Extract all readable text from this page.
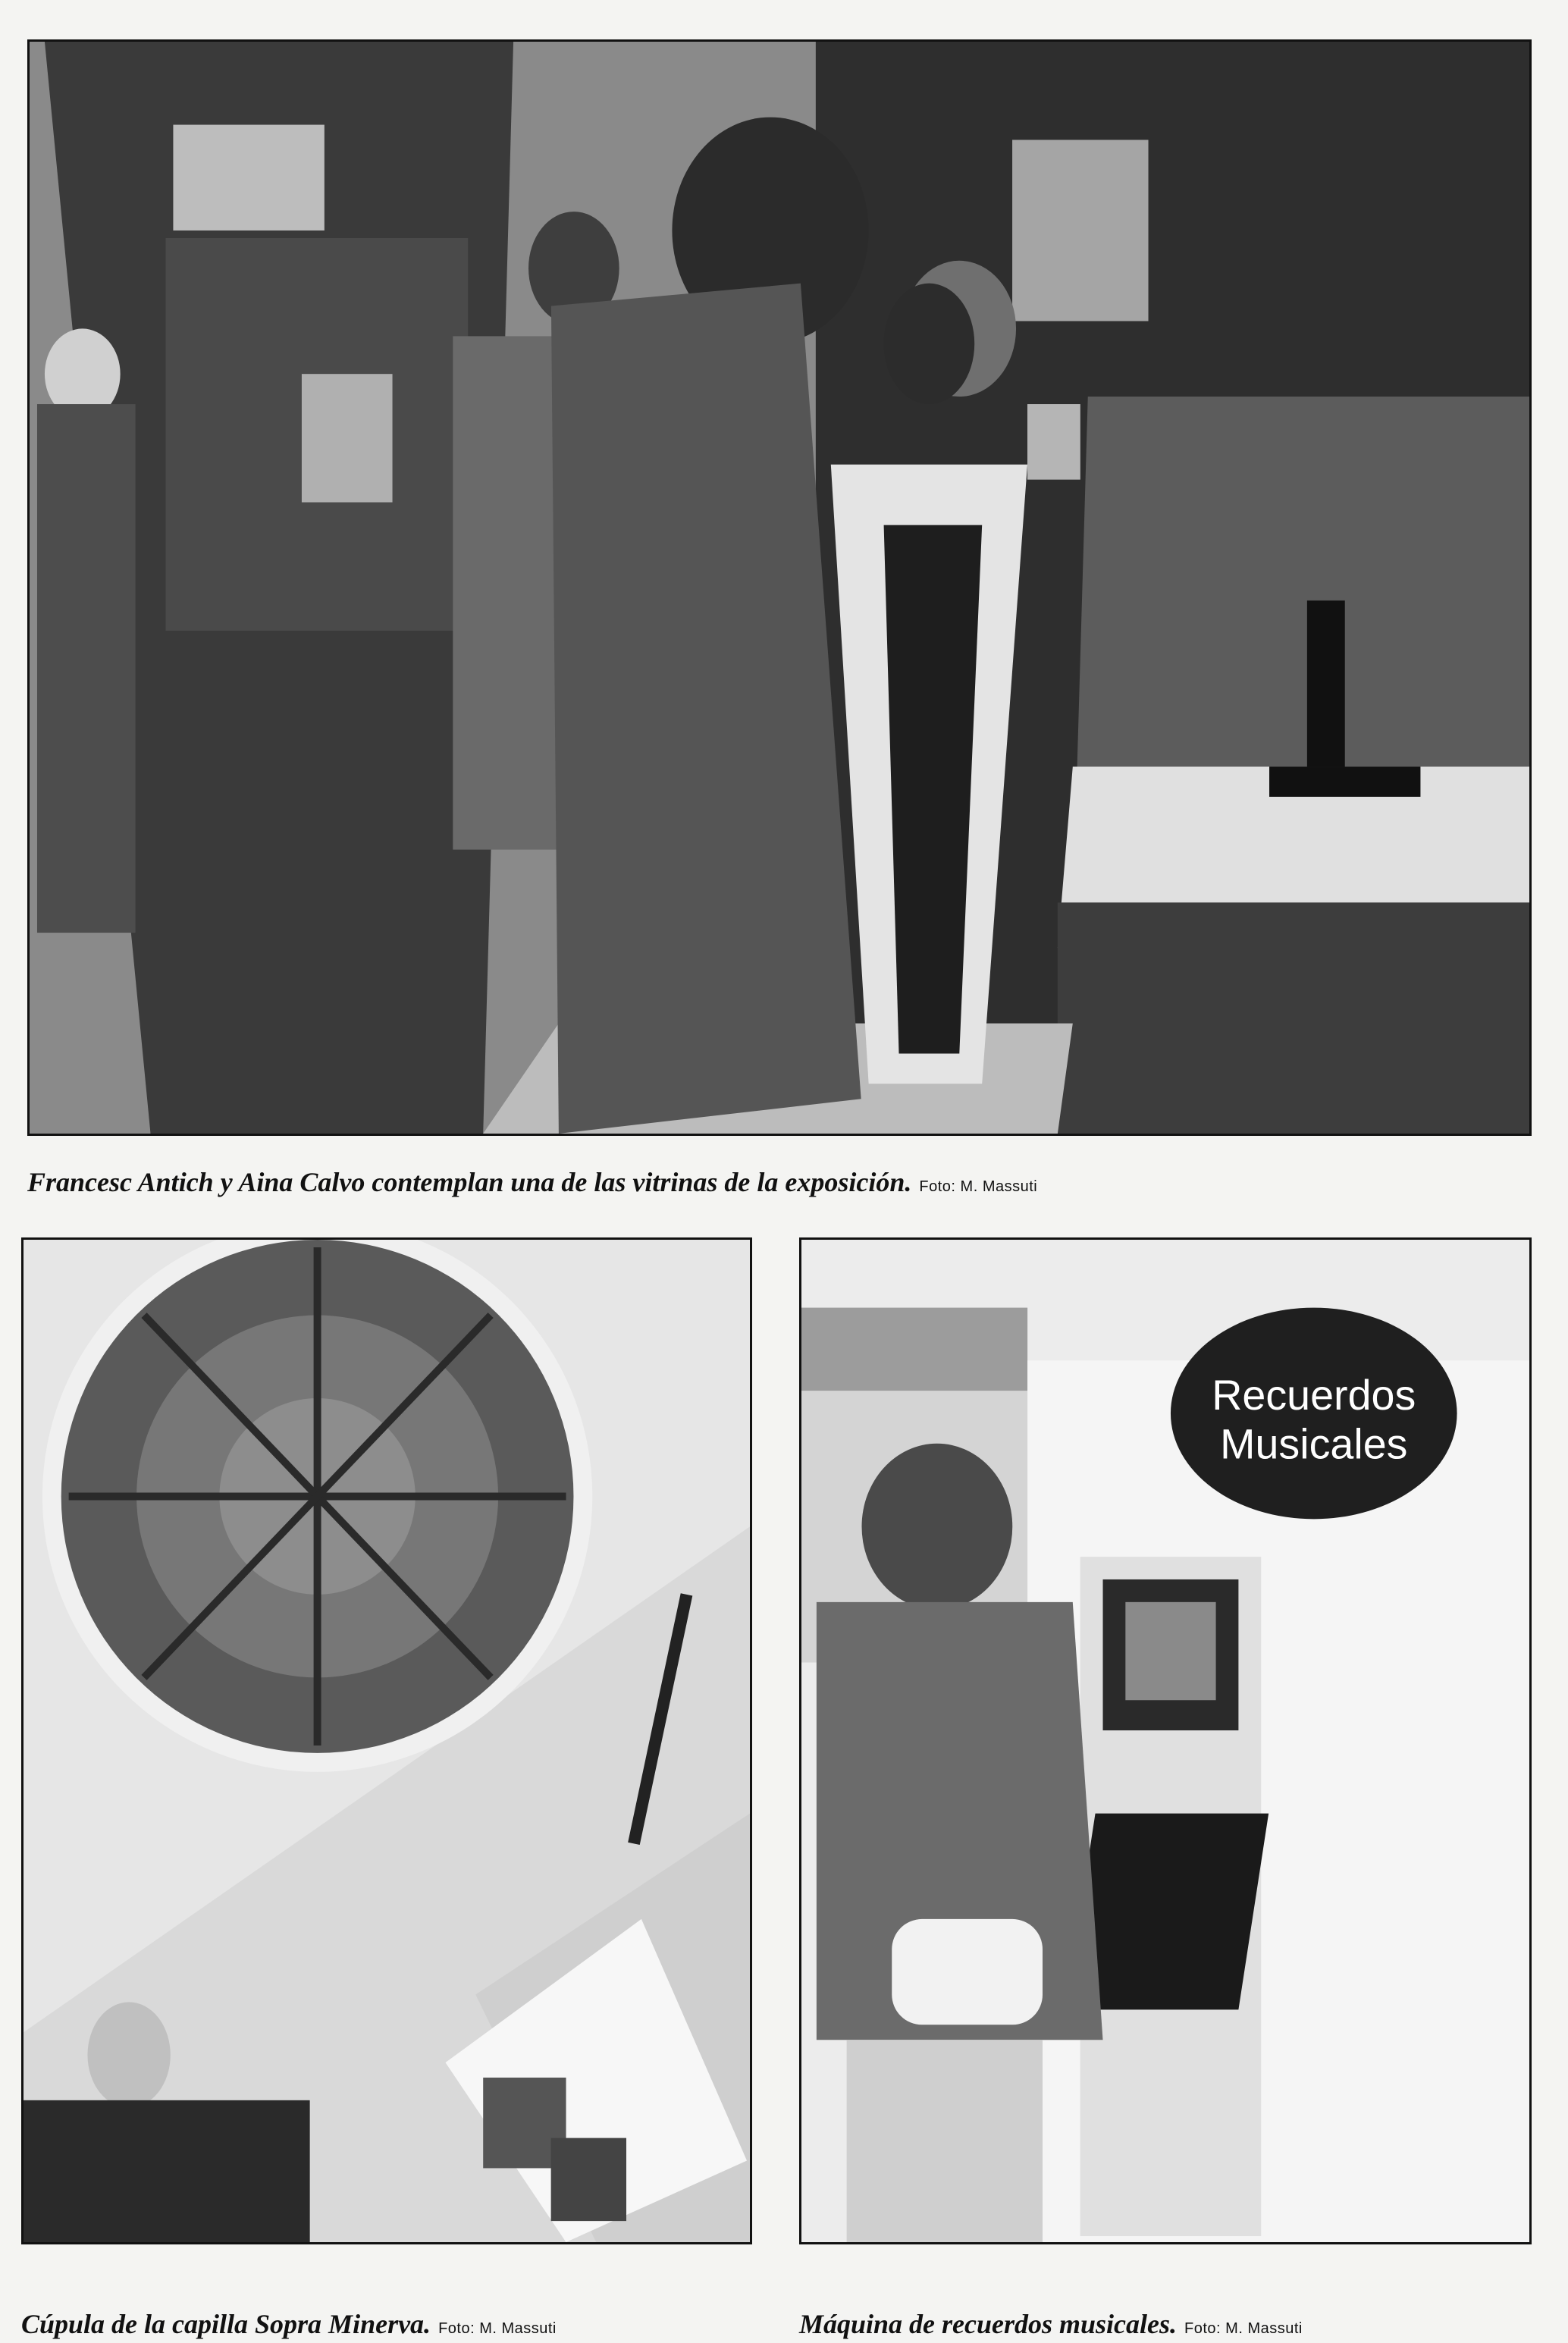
Francesc Antich y Aina Calvo contemplan una de las vitrinas de la exposición. Foto: M. Massuti
Cúpula de la capilla Sopra Minerva. Foto: M. Massuti
Recuerdos
Musicales
Máquina de recuerdos musicales. Foto: M. Massuti
